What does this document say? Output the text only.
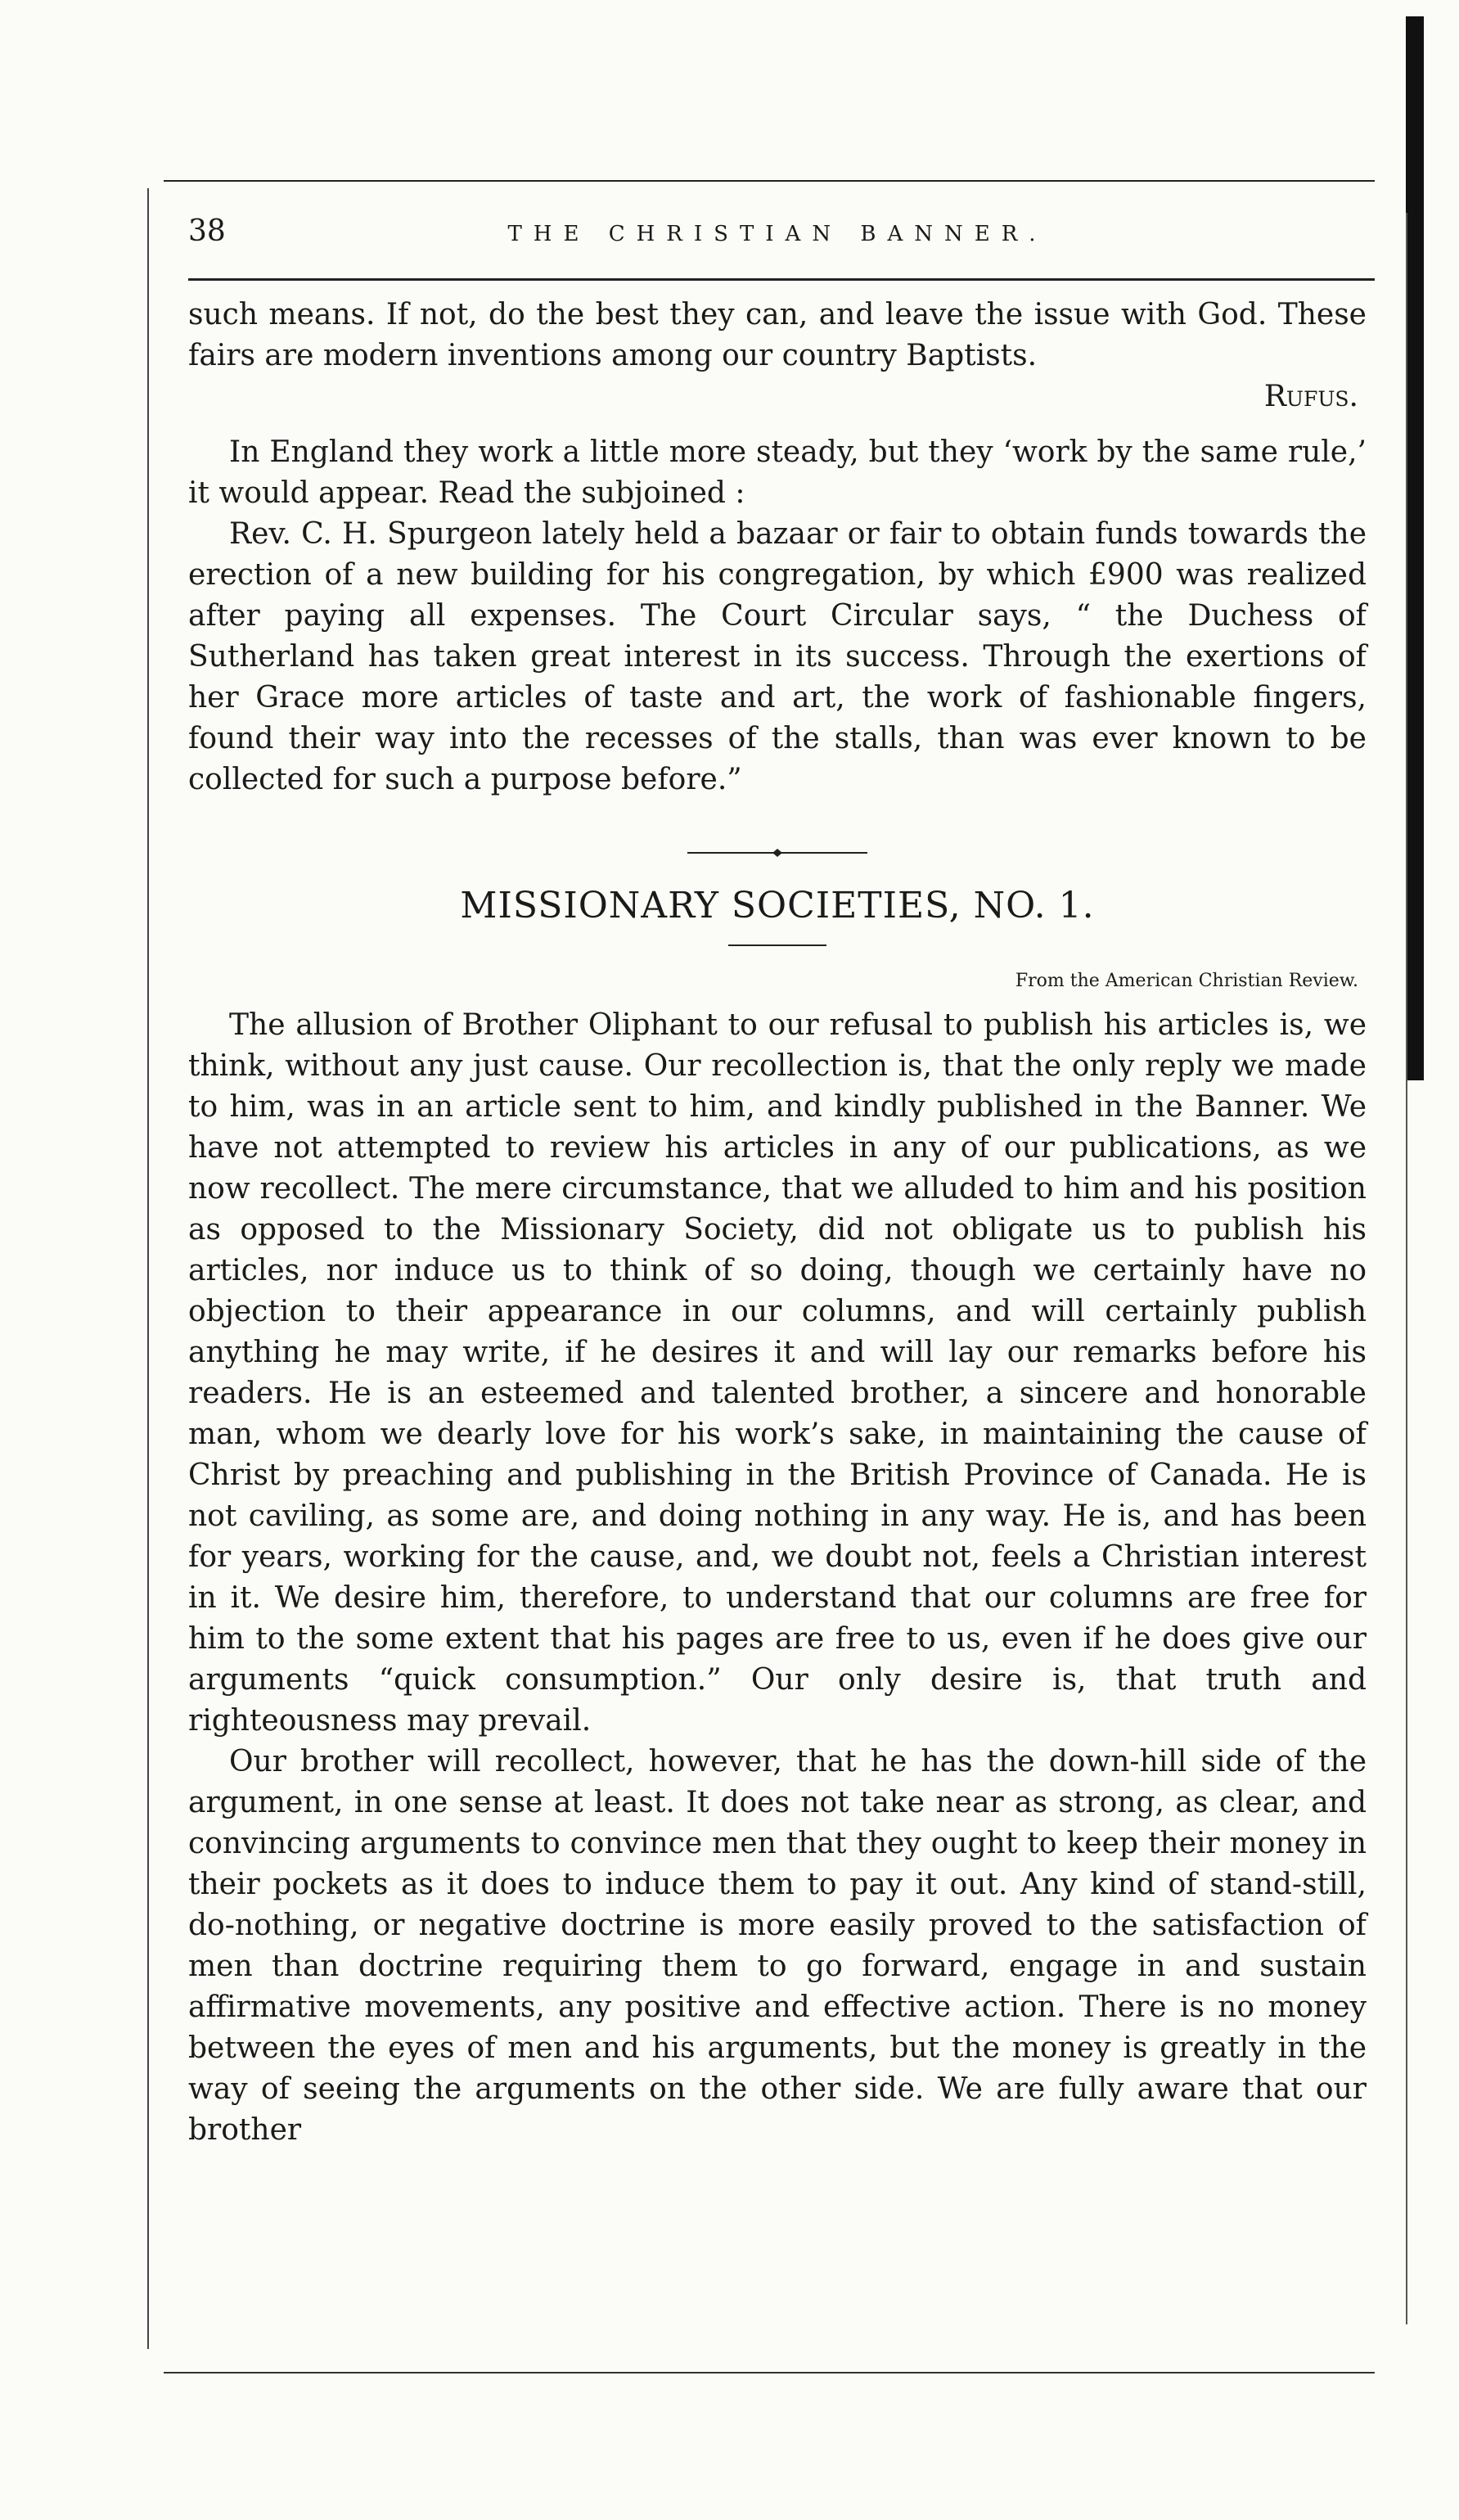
38	THE CHRISTIAN BANNER.

such means. If not, do the best they can, and leave the issue with God. These fairs are modern inventions among our country Baptists.

Rufus.

In England they work a little more steady, but they ‘work by the same rule,’ it would appear. Read the subjoined :

Rev. C. H. Spurgeon lately held a bazaar or fair to obtain funds towards the erection of a new building for his congregation, by which £900 was realized after paying all expenses. The Court Circular says, “ the Duchess of Sutherland has taken great interest in its success. Through the exertions of her Grace more articles of taste and art, the work of fashionable fingers, found their way into the recesses of the stalls, than was ever known to be collected for such a purpose before.”

MISSIONARY SOCIETIES, NO. 1.
From the American Christian Review.

The allusion of Brother Oliphant to our refusal to publish his articles is, we think, without any just cause. Our recollection is, that the only reply we made to him, was in an article sent to him, and kindly published in the Banner. We have not attempted to review his articles in any of our publications, as we now recollect. The mere circumstance, that we alluded to him and his position as opposed to the Missionary Society, did not obligate us to publish his articles, nor induce us to think of so doing, though we certainly have no objection to their appearance in our columns, and will certainly publish anything he may write, if he desires it and will lay our remarks before his readers. He is an esteemed and talented brother, a sincere and honorable man, whom we dearly love for his work’s sake, in maintaining the cause of Christ by preaching and publishing in the British Province of Canada. He is not caviling, as some are, and doing nothing in any way. He is, and has been for years, working for the cause, and, we doubt not, feels a Christian interest in it. We desire him, therefore, to understand that our columns are free for him to the some extent that his pages are free to us, even if he does give our arguments “quick consumption.” Our only desire is, that truth and righteousness may prevail.

Our brother will recollect, however, that he has the down-hill side of the argument, in one sense at least. It does not take near as strong, as clear, and convincing arguments to convince men that they ought to keep their money in their pockets as it does to induce them to pay it out. Any kind of stand-still, do-nothing, or negative doctrine is more easily proved to the satisfaction of men than doctrine requiring them to go forward, engage in and sustain affirmative movements, any positive and effective action. There is no money between the eyes of men and his arguments, but the money is greatly in the way of seeing the arguments on the other side. We are fully aware that our brother
